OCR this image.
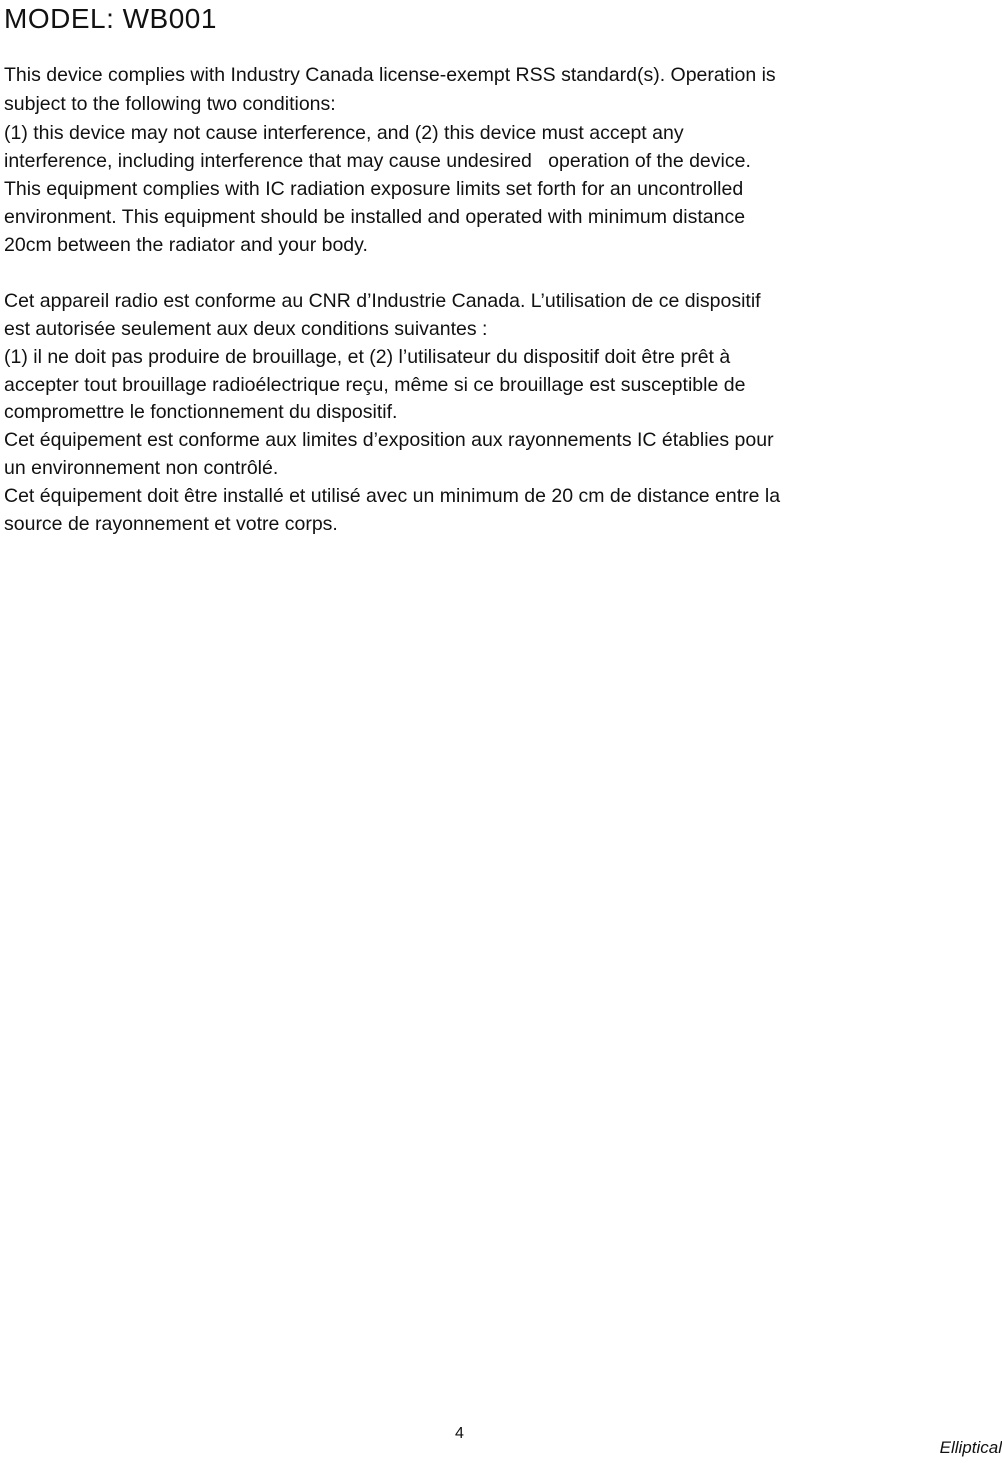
MODEL: WB001
This device complies with Industry Canada license-exempt RSS standard(s). Operation is
subject to the following two conditions:
(1) this device may not cause interference, and (2) this device must accept any
interference, including interference that may cause undesired   operation of the device.
This equipment complies with IC radiation exposure limits set forth for an uncontrolled
environment. This equipment should be installed and operated with minimum distance
20cm between the radiator and your body.
Cet appareil radio est conforme au CNR d’Industrie Canada. L’utilisation de ce dispositif
est autorisée seulement aux deux conditions suivantes :
(1) il ne doit pas produire de brouillage, et (2) l’utilisateur du dispositif doit être prêt à
accepter tout brouillage radioélectrique reçu, même si ce brouillage est susceptible de
compromettre le fonctionnement du dispositif.
Cet équipement est conforme aux limites d’exposition aux rayonnements IC établies pour
un environnement non contrôlé.
Cet équipement doit être installé et utilisé avec un minimum de 20 cm de distance entre la
source de rayonnement et votre corps.
4
Elliptical
